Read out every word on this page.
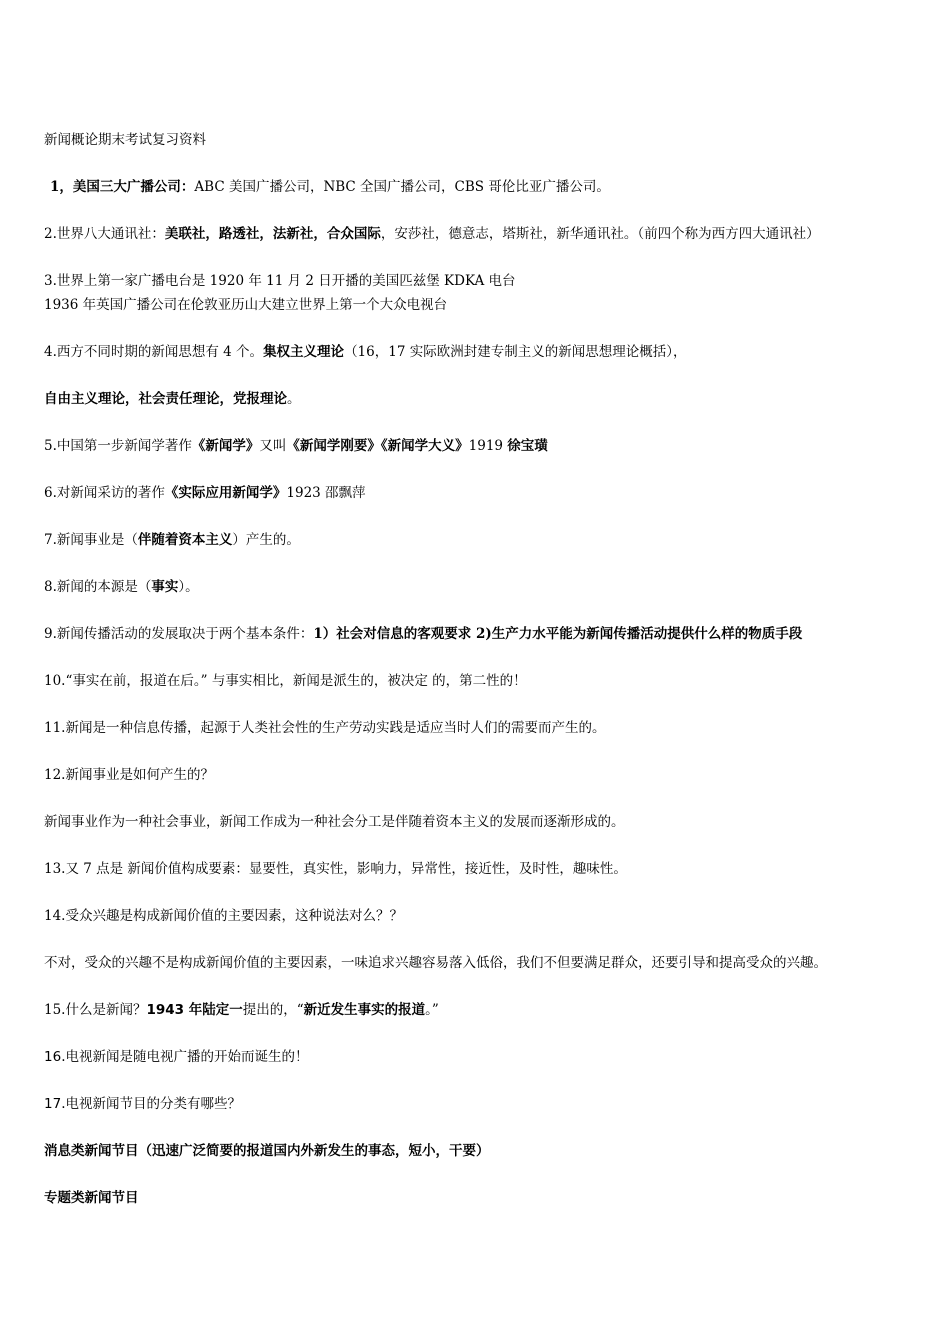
新闻概论期末考试复习资料
1，美国三大广播公司：ABC 美国广播公司，NBC 全国广播公司，CBS 哥伦比亚广播公司。
2.世界八大通讯社：美联社，路透社，法新社，合众国际，安莎社，德意志，塔斯社，新华通讯社。（前四个称为西方四大通讯社）
3.世界上第一家广播电台是 1920 年 11 月 2 日开播的美国匹兹堡 KDKA 电台
1936 年英国广播公司在伦敦亚历山大建立世界上第一个大众电视台
4.西方不同时期的新闻思想有 4 个。集权主义理论（16，17 实际欧洲封建专制主义的新闻思想理论概括），
自由主义理论，社会责任理论，党报理论。
5.中国第一步新闻学著作《新闻学》又叫《新闻学刚要》《新闻学大义》1919 徐宝璜
6.对新闻采访的著作《实际应用新闻学》1923 邵飘萍
7.新闻事业是（伴随着资本主义）产生的。
8.新闻的本源是（事实）。
9.新闻传播活动的发展取决于两个基本条件：1）社会对信息的客观要求 2)生产力水平能为新闻传播活动提供什么样的物质手段
10.“事实在前，报道在后。” 与事实相比，新闻是派生的，被决定 的，第二性的！
11.新闻是一种信息传播，起源于人类社会性的生产劳动实践是适应当时人们的需要而产生的。
12.新闻事业是如何产生的？
新闻事业作为一种社会事业，新闻工作成为一种社会分工是伴随着资本主义的发展而逐渐形成的。
13.又 7 点是 新闻价值构成要素：显要性，真实性，影响力，异常性，接近性，及时性，趣味性。
14.受众兴趣是构成新闻价值的主要因素，这种说法对么？？
不对，受众的兴趣不是构成新闻价值的主要因素，一味追求兴趣容易落入低俗，我们不但要满足群众，还要引导和提高受众的兴趣。
15.什么是新闻？1943 年陆定一提出的，“新近发生事实的报道。”
16.电视新闻是随电视广播的开始而诞生的！
17.电视新闻节目的分类有哪些？
消息类新闻节目（迅速广泛简要的报道国内外新发生的事态，短小，干要）
专题类新闻节目
